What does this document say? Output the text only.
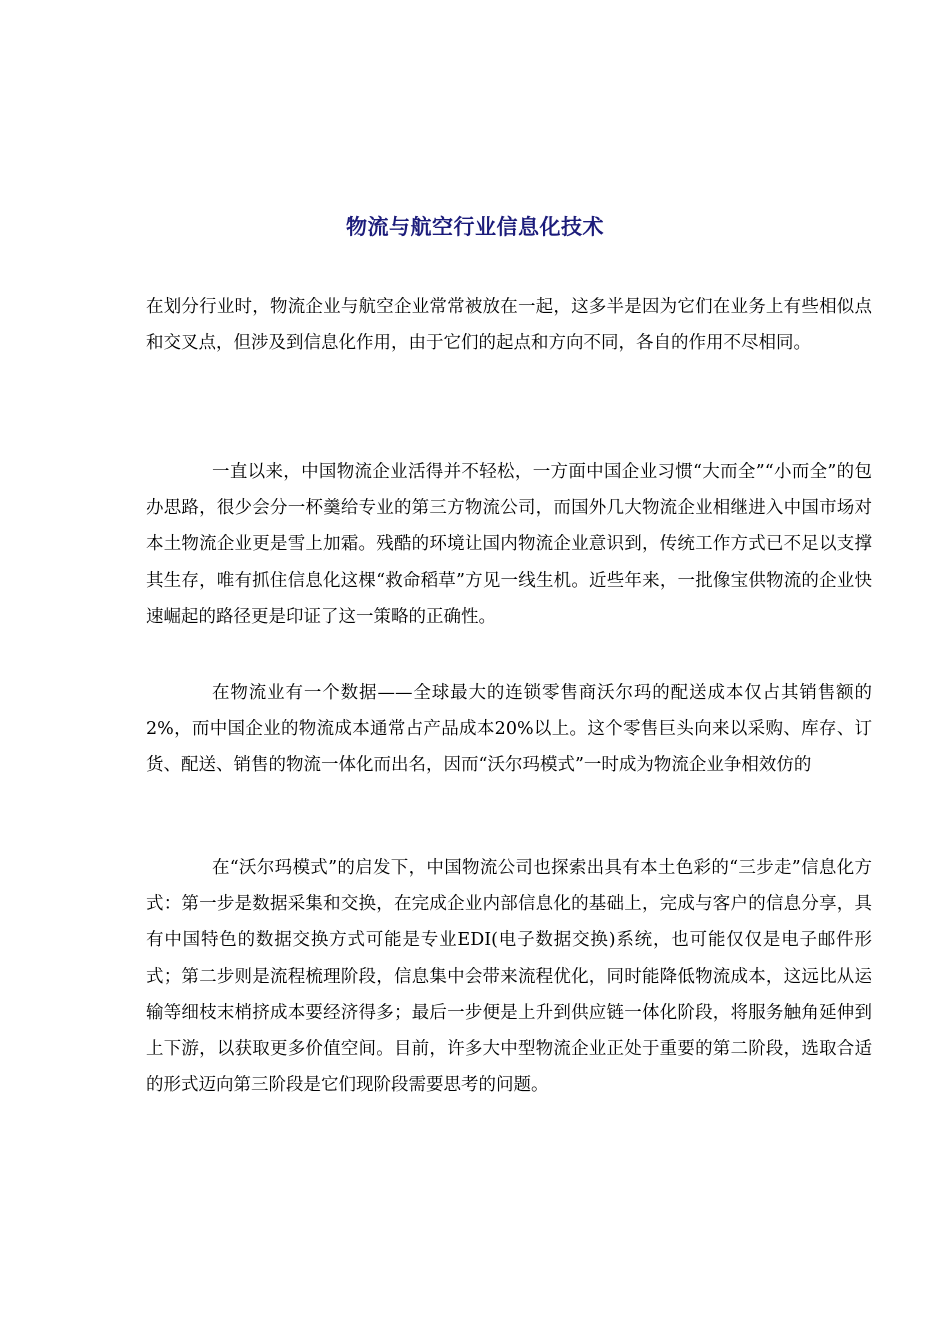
物流与航空行业信息化技术

在划分行业时，物流企业与航空企业常常被放在一起，这多半是因为它们在业务上有些相似点和交叉点，但涉及到信息化作用，由于它们的起点和方向不同，各自的作用不尽相同。

一直以来，中国物流企业活得并不轻松，一方面中国企业习惯“大而全”“小而全”的包办思路，很少会分一杯羹给专业的第三方物流公司，而国外几大物流企业相继进入中国市场对本土物流企业更是雪上加霜。残酷的环境让国内物流企业意识到，传统工作方式已不足以支撑其生存，唯有抓住信息化这棵“救命稻草”方见一线生机。近些年来，一批像宝供物流的企业快速崛起的路径更是印证了这一策略的正确性。

在物流业有一个数据——全球最大的连锁零售商沃尔玛的配送成本仅占其销售额的2%，而中国企业的物流成本通常占产品成本20%以上。这个零售巨头向来以采购、库存、订货、配送、销售的物流一体化而出名，因而“沃尔玛模式”一时成为物流企业争相效仿的

在“沃尔玛模式”的启发下，中国物流公司也探索出具有本土色彩的“三步走”信息化方式：第一步是数据采集和交换，在完成企业内部信息化的基础上，完成与客户的信息分享，具有中国特色的数据交换方式可能是专业EDI(电子数据交换)系统，也可能仅仅是电子邮件形式；第二步则是流程梳理阶段，信息集中会带来流程优化，同时能降低物流成本，这远比从运输等细枝末梢挤成本要经济得多；最后一步便是上升到供应链一体化阶段，将服务触角延伸到上下游，以获取更多价值空间。目前，许多大中型物流企业正处于重要的第二阶段，选取合适的形式迈向第三阶段是它们现阶段需要思考的问题。
